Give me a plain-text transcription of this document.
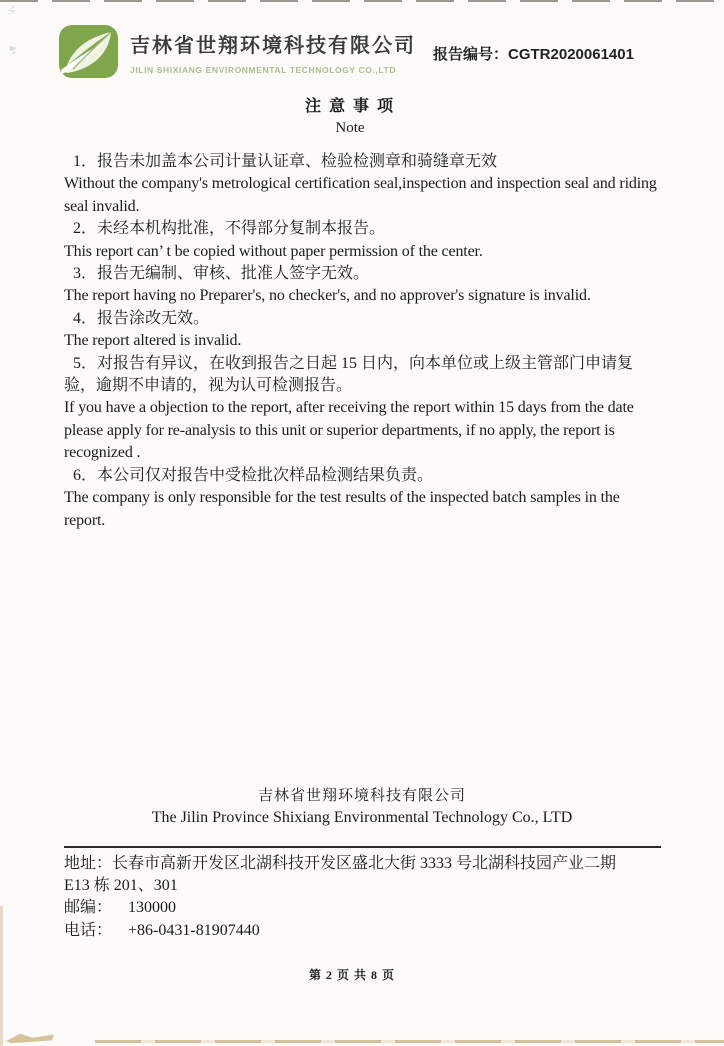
吉林省世翔环境科技有限公司
JILIN SHIXIANG ENVIRONMENTAL TECHNOLOGY CO.,LTD
报告编号：CGTR2020061401
注 意 事 项
Note

1．报告未加盖本公司计量认证章、检验检测章和骑缝章无效

Without the company's metrological certification seal,inspection and inspection seal and riding seal invalid.

2．未经本机构批准，不得部分复制本报告。

This report can’ t be copied without paper permission of the center.

3．报告无编制、审核、批准人签字无效。

The report having no Preparer's, no checker's, and no approver's signature is invalid.

4．报告涂改无效。

The report altered is invalid.

5．对报告有异议，在收到报告之日起 15 日内，向本单位或上级主管部门申请复验，逾期不申请的，视为认可检测报告。

If you have a objection to the report, after receiving the report within 15 days from the date please apply for re-analysis to this unit or superior departments, if no apply, the report is recognized .

6．本公司仅对报告中受检批次样品检测结果负责。

The company is only responsible for the test results of the inspected batch samples in the report.

吉林省世翔环境科技有限公司
The Jilin Province Shixiang Environmental Technology Co., LTD

地址：长春市高新开发区北湖科技开发区盛北大街 3333 号北湖科技园产业二期

E13 栋 201、301

邮编： 130000

电话： +86-0431-81907440

第 2 页 共 8 页
